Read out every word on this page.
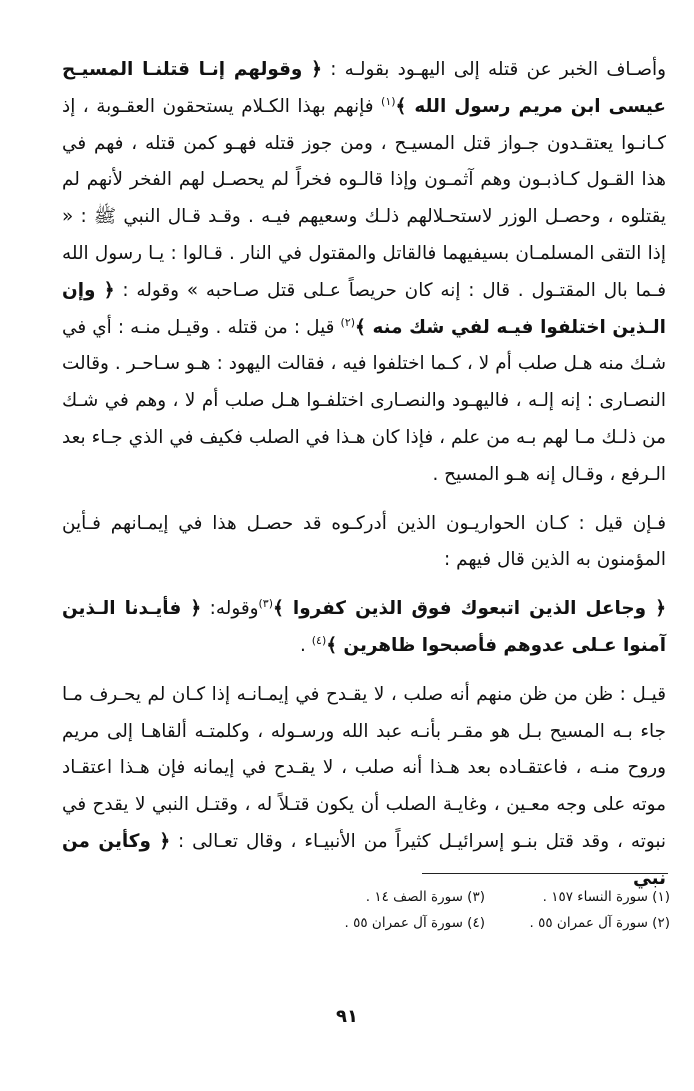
وأصـاف الخبر عن قتله إلى اليهـود بقولـه : ﴿ وقولهم إنـا قتلنـا المسيـح عيسى ابن مريم رسول الله ﴾$^{(١)}$ فإنهم بهذا الكـلام يستحقون العقـوبة ، إذ كـانـوا يعتقـدون جـواز قتل المسيـح ، ومن جوز قتله فهـو كمن قتله ، فهم في هذا القـول كـاذبـون وهم آثمـون وإذا قالـوه فخراً لم يحصـل لهم الفخر لأنهم لم يقتلوه ، وحصـل الوزر لاستحـلالهم ذلـك وسعيهم فيـه . وقـد قـال النبي ﷺ : « إذا التقى المسلمـان بسيفيهما فالقاتل والمقتول في النار . قـالوا : يـا رسول الله فـما بال المقتـول . قال : إنه كان حريصاً عـلى قتل صـاحبه » وقوله : ﴿ وإن الـذين اختلفوا فيـه لفي شك منه ﴾$^{(٢)}$ قيل : من قتله . وقيـل منـه : أي في شـك منه هـل صلب أم لا ، كـما اختلفوا فيه ، فقالت اليهود : هـو سـاحـر . وقالت النصـارى : إنه إلـه ، فاليهـود والنصـارى اختلفـوا هـل صلب أم لا ، وهم في شـك من ذلـك مـا لهم بـه من علم ، فإذا كان هـذا في الصلب فكيف في الذي جـاء بعد الـرفع ، وقـال إنه هـو المسيح .

فـإن قيل : كـان الحواريـون الذين أدركـوه قد حصـل هذا في إيمـانهم فـأين المؤمنون به الذين قال فيهم :

﴿ وجاعل الذين اتبعوك فوق الذين كفروا ﴾$^{(٣)}$وقوله: ﴿ فأيـدنا الـذين آمنوا عـلى عدوهم فأصبحوا ظاهرين ﴾$^{(٤)}$ .

قيـل : ظن من ظن منهم أنه صلب ، لا يقـدح في إيمـانـه إذا كـان لم يحـرف مـا جاء بـه المسيح بـل هو مقـر بأنـه عبد الله ورسـوله ، وكلمتـه ألقاهـا إلى مريم وروح منـه ، فاعتقـاده بعد هـذا أنه صلب ، لا يقـدح في إيمانه فإن هـذا اعتقـاد موته على وجه معـين ، وغايـة الصلب أن يكون قتـلاً له ، وقتـل النبي لا يقدح في نبوته ، وقد قتل بنـو إسرائيـل كثيراً من الأنبيـاء ، وقال تعـالى : ﴿ وكأين من نبي

(١) سورة النساء ١٥٧ .
(٣) سورة الصف ١٤ .
(٢) سورة آل عمران ٥٥ .
(٤) سورة آل عمران ٥٥ .
٩١
